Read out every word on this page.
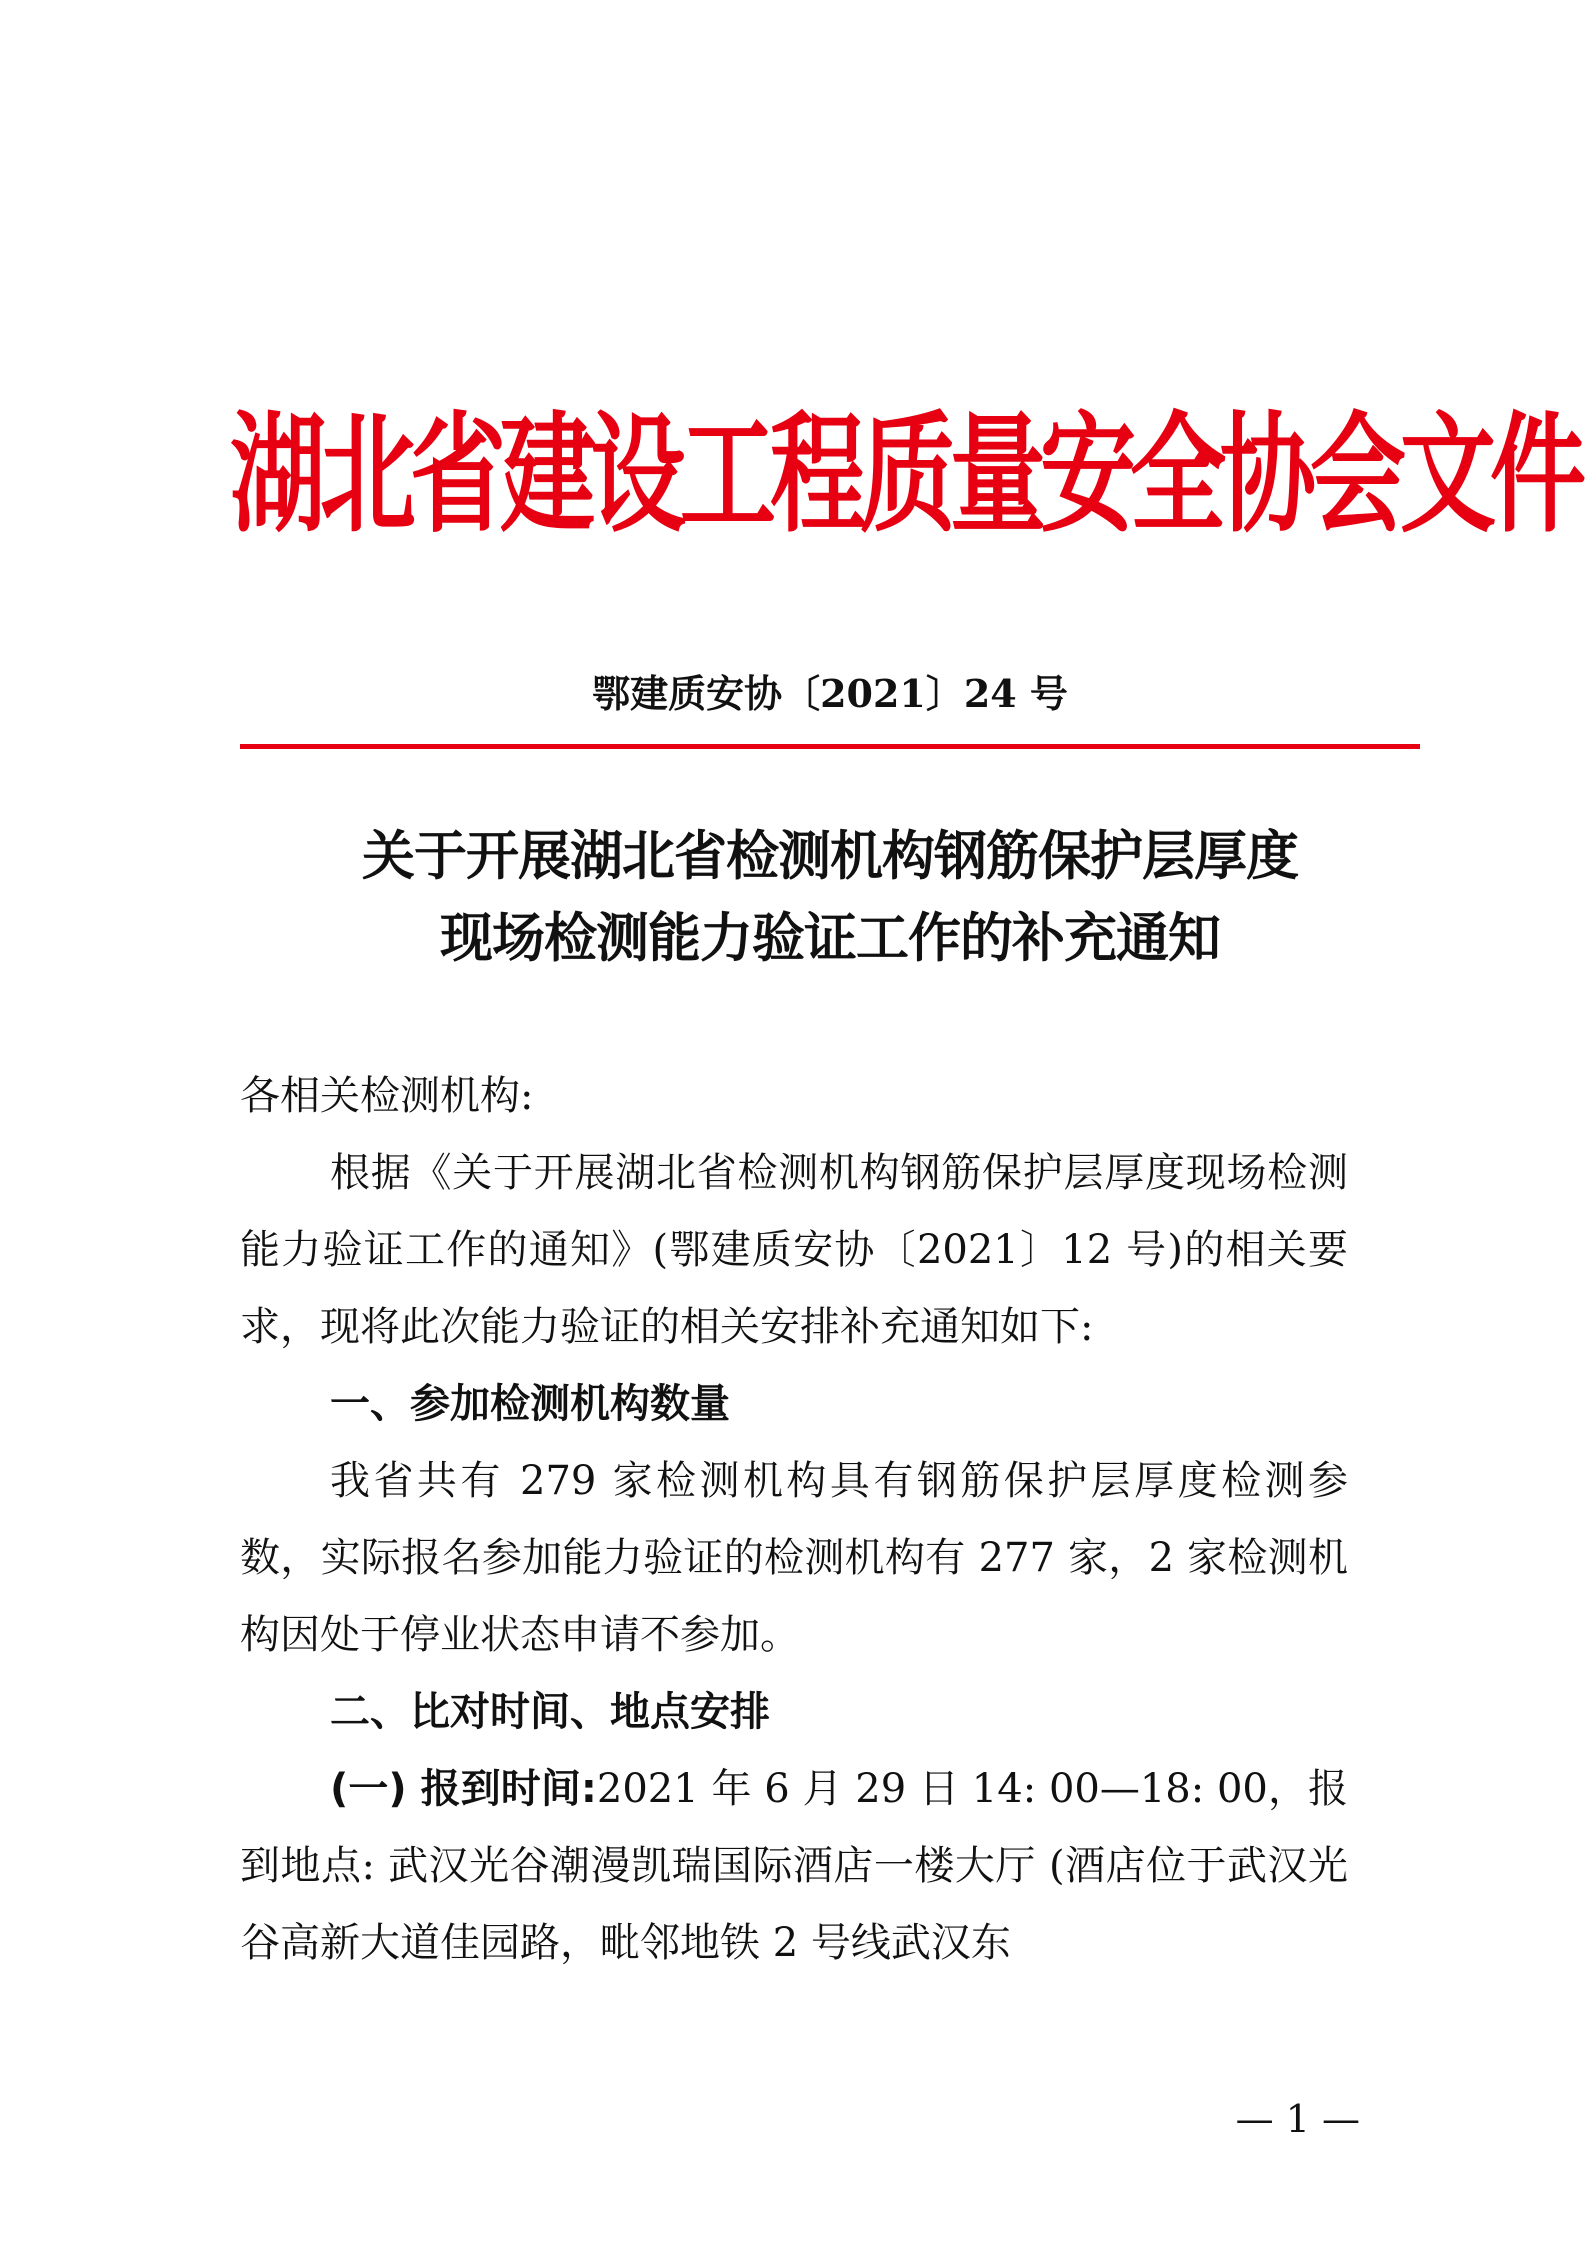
湖北省建设工程质量安全协会文件
鄂建质安协〔2021〕24 号
关于开展湖北省检测机构钢筋保护层厚度
现场检测能力验证工作的补充通知

各相关检测机构:

根据《关于开展湖北省检测机构钢筋保护层厚度现场检测能力验证工作的通知》(鄂建质安协〔2021〕12 号)的相关要求，现将此次能力验证的相关安排补充通知如下:

一、参加检测机构数量

我省共有 279 家检测机构具有钢筋保护层厚度检测参数，实际报名参加能力验证的检测机构有 277 家，2 家检测机构因处于停业状态申请不参加。

二、比对时间、地点安排

(一) 报到时间:2021 年 6 月 29 日 14: 00—18: 00，报到地点: 武汉光谷潮漫凯瑞国际酒店一楼大厅 (酒店位于武汉光谷高新大道佳园路，毗邻地铁 2 号线武汉东

— 1 —
